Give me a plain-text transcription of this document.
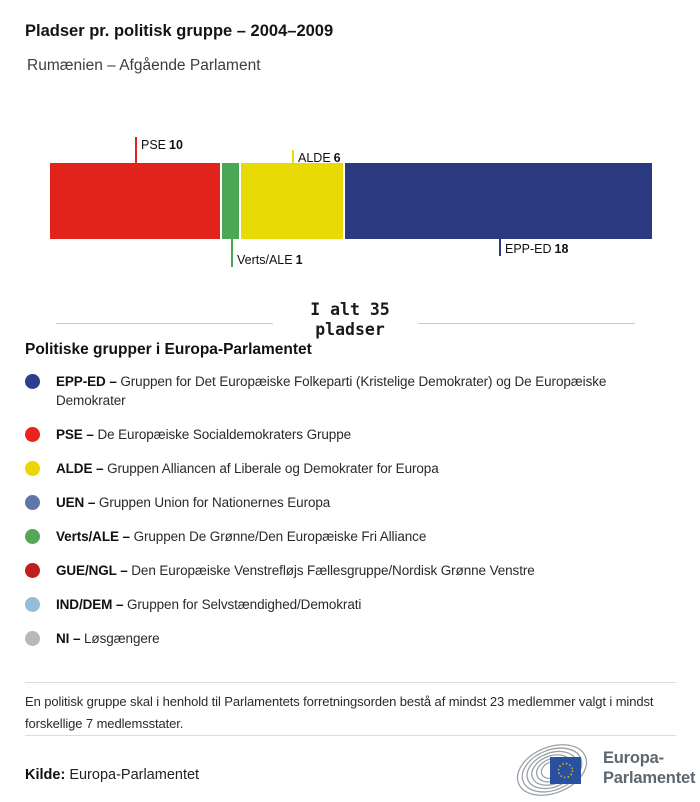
Pladser pr. politisk gruppe – 2004–2009
Rumænien – Afgående Parlament
PSE 10
Verts/ALE 1
ALDE 6
EPP-ED 18
I alt 35
pladser
Politiske grupper i Europa-Parlamentet
EPP-ED – Gruppen for Det Europæiske Folkeparti (Kristelige Demokrater) og De Europæiske Demokrater
PSE – De Europæiske Socialdemokraters Gruppe
ALDE – Gruppen Alliancen af Liberale og Demokrater for Europa
UEN – Gruppen Union for Nationernes Europa
Verts/ALE – Gruppen De Grønne/Den Europæiske Fri Alliance
GUE/NGL – Den Europæiske Venstrefløjs Fællesgruppe/Nordisk Grønne Venstre
IND/DEM – Gruppen for Selvstændighed/Demokrati
NI – Løsgængere
En politisk gruppe skal i henhold til Parlamentets forretningsorden bestå af mindst 23 medlemmer valgt i mindst forskellige 7 medlemsstater.
Kilde: Europa-Parlamentet
Europa-
Parlamentet
